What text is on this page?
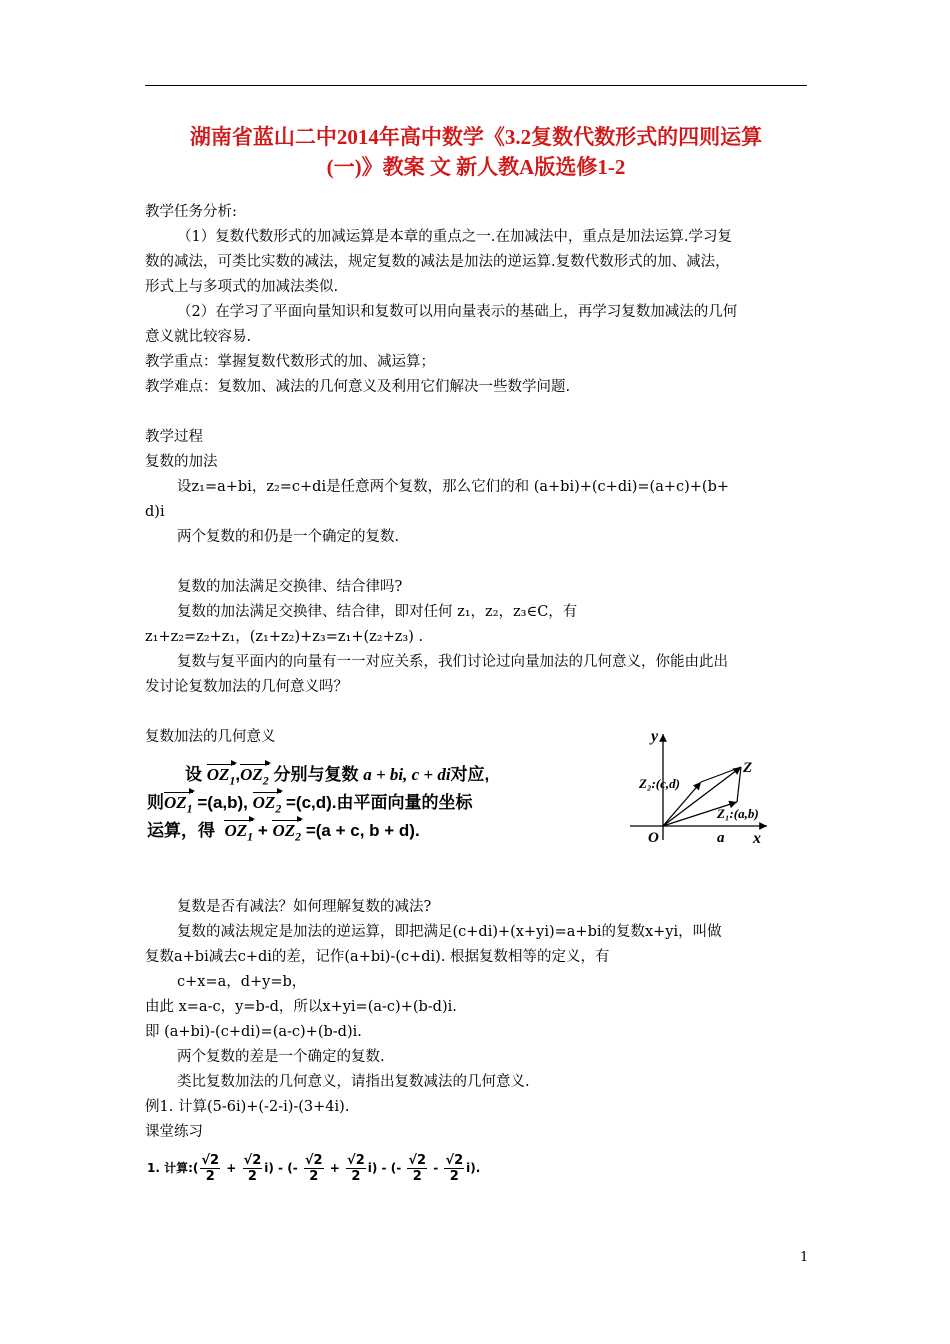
湖南省蓝山二中2014年高中数学《3.2复数代数形式的四则运算
(一)》教案 文 新人教A版选修1-2
教学任务分析:
（1）复数代数形式的加减运算是本章的重点之一.在加减法中，重点是加法运算.学习复
数的减法，可类比实数的减法，规定复数的减法是加法的逆运算.复数代数形式的加、减法，
形式上与多项式的加减法类似.
（2）在学习了平面向量知识和复数可以用向量表示的基础上，再学习复数加减法的几何
意义就比较容易.
教学重点：掌握复数代数形式的加、减运算；
教学难点：复数加、减法的几何意义及利用它们解决一些数学问题.
教学过程
复数的加法
设z₁=a+bi，z₂=c+di是任意两个复数，那么它们的和 (a+bi)+(c+di)=(a+c)+(b+
d)i
两个复数的和仍是一个确定的复数.
复数的加法满足交换律、结合律吗?
复数的加法满足交换律、结合律，即对任何 z₁，z₂，z₃∈C，有
z₁+z₂=z₂+z₁，(z₁+z₂)+z₃=z₁+(z₂+z₃) .
复数与复平面内的向量有一一对应关系，我们讨论过向量加法的几何意义，你能由此出
发讨论复数加法的几何意义吗？
复数加法的几何意义
设 $OZ_1,OZ_2$ 分别与复数 a + bi, c + di对应,
则$OZ_1 =(a,b)$, $OZ_2 =(c,d)$.由平面向量的坐标
运算，得 $OZ_1 + OZ_2 =(a + c$, b + d).
y
x
O
Z
Z₂:(c,d)
Z₁:(a,b)
a
复数是否有减法？如何理解复数的减法?
复数的减法规定是加法的逆运算，即把满足(c+di)+(x+yi)=a+bi的复数x+yi，叫做
复数a+bi减去c+di的差，记作(a+bi)-(c+di). 根据复数相等的定义，有
c+x=a，d+y=b，
由此 x=a-c，y=b-d，所以x+yi=(a-c)+(b-d)i.
即 (a+bi)-(c+di)=(a-c)+(b-d)i.
两个复数的差是一个确定的复数.
类比复数加法的几何意义，请指出复数减法的几何意义.
例1. 计算(5-6i)+(-2-i)-(3+4i).
课堂练习
1. 计算:( $\frac{√2}{2} + \frac{√2}{2} i$) - (- $\frac{√2}{2} + \frac{√2}{2} i$) - (- $\frac{√2}{2} - \frac{√2}{2} i$).
1
